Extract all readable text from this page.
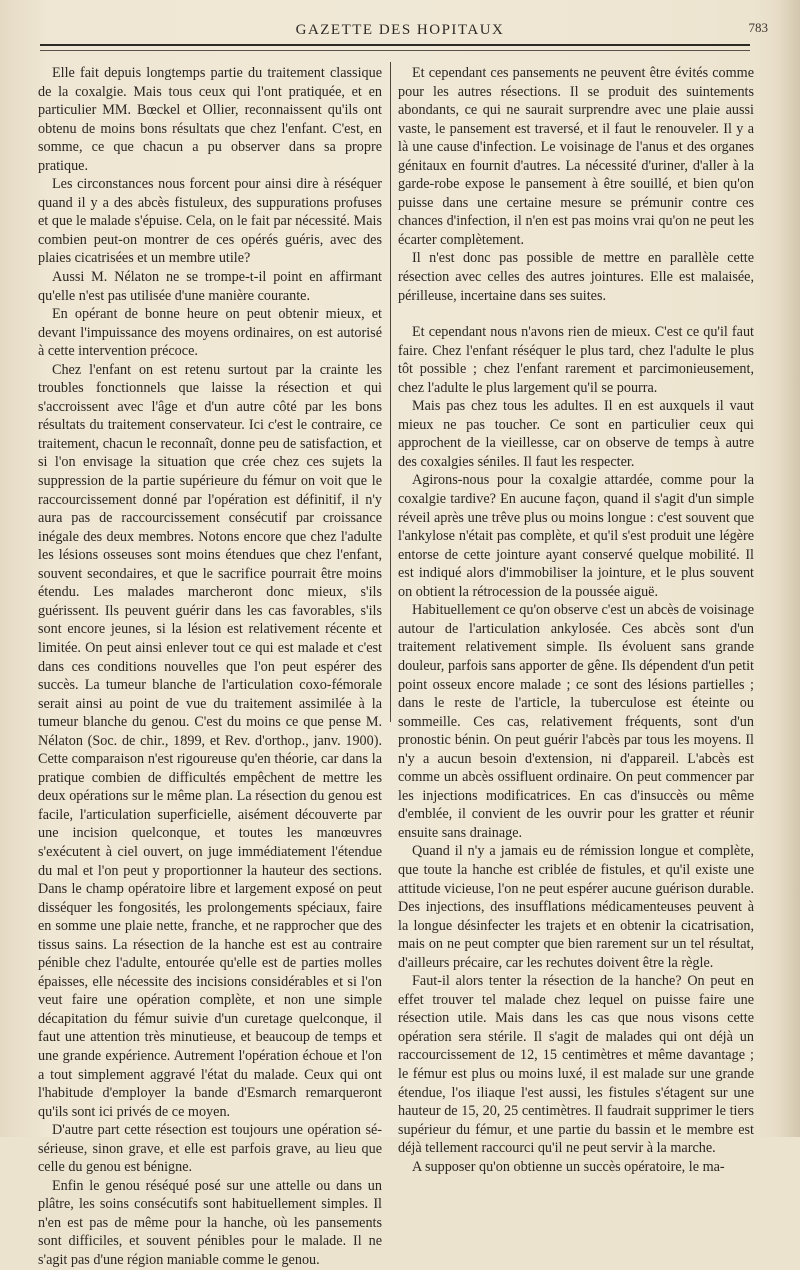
GAZETTE DES HOPITAUX	783

Elle fait depuis longtemps partie du traitement classique de la coxalgie. Mais tous ceux qui l'ont pratiquée, et en particulier MM. Bœckel et Ollier, reconnaissent qu'ils ont obtenu de moins bons résultats que chez l'enfant. C'est, en somme, ce que chacun a pu observer dans sa propre pratique.

Les circonstances nous forcent pour ainsi dire à réséquer quand il y a des abcès fistuleux, des suppurations profuses et que le malade s'épuise. Cela, on le fait par nécessité. Mais combien peut-on montrer de ces opérés guéris, avec des plaies cicatrisées et un membre utile?

Aussi M. Nélaton ne se trompe-t-il point en affirmant qu'elle n'est pas utilisée d'une manière courante.

En opérant de bonne heure on peut obtenir mieux, et devant l'impuissance des moyens ordinaires, on est autorisé à cette intervention précoce.

Chez l'enfant on est retenu surtout par la crainte les troubles fonctionnels que laisse la résection et qui s'accroissent avec l'âge et d'un autre côté par les bons résultats du traitement conservateur. Ici c'est le contraire, ce traitement, chacun le reconnaît, donne peu de satisfaction, et si l'on envisage la situation que crée chez ces sujets la suppression de la partie supérieure du fémur on voit que le raccourcissement donné par l'opération est définitif, il n'y aura pas de raccourcissement consécutif par croissance inégale des deux membres. Notons encore que chez l'adulte les lésions osseuses sont moins étendues que chez l'enfant, souvent secondaires, et que le sacrifice pourrait être moins étendu. Les malades marcheront donc mieux, s'ils guérissent. Ils peuvent guérir dans les cas favorables, s'ils sont encore jeunes, si la lésion est relativement récente et limitée. On peut ainsi enlever tout ce qui est malade et c'est dans ces conditions nouvelles que l'on peut espérer des succès. La tumeur blanche de l'articulation coxo-fémorale serait ainsi au point de vue du traitement assimilée à la tumeur blanche du genou. C'est du moins ce que pense M. Nélaton (Soc. de chir., 1899, et Rev. d'orthop., janv. 1900). Cette comparaison n'est rigoureuse qu'en théorie, car dans la pratique combien de difficultés empêchent de mettre les deux opérations sur le même plan. La résection du genou est facile, l'articulation superficielle, aisément découverte par une incision quelconque, et toutes les manœuvres s'exécutent à ciel ouvert, on juge immédiatement l'étendue du mal et l'on peut y proportionner la hauteur des sections. Dans le champ opératoire libre et largement exposé on peut disséquer les fongosités, les prolongements spéciaux, faire en somme une plaie nette, franche, et ne rapprocher que des tissus sains. La résection de la hanche est est au contraire pénible chez l'adulte, entourée qu'elle est de parties molles épaisses, elle nécessite des incisions considérables et si l'on veut faire une opération complète, et non une simple décapitation du fémur suivie d'un curetage quelconque, il faut une attention très minutieuse, et beaucoup de temps et une grande expérience. Autrement l'opération échoue et l'on a tout simplement aggravé l'état du malade. Ceux qui ont l'habitude d'employer la bande d'Esmarch remarqueront qu'ils sont ici privés de ce moyen.

D'autre part cette résection est toujours une opération sé-sérieuse, sinon grave, et elle est parfois grave, au lieu que celle du genou est bénigne.

Enfin le genou réséqué posé sur une attelle ou dans un plâtre, les soins consécutifs sont habituellement simples. Il n'en est pas de même pour la hanche, où les pansements sont difficiles, et souvent pénibles pour le malade. Il ne s'agit pas d'une région maniable comme le genou.

Et cependant ces pansements ne peuvent être évités comme pour les autres résections. Il se produit des suintements abondants, ce qui ne saurait surprendre avec une plaie aussi vaste, le pansement est traversé, et il faut le renouveler. Il y a là une cause d'infection. Le voisinage de l'anus et des organes génitaux en fournit d'autres. La nécessité d'uriner, d'aller à la garde-robe expose le pansement à être souillé, et bien qu'on puisse dans une certaine mesure se prémunir contre ces chances d'infection, il n'en est pas moins vrai qu'on ne peut les écarter complètement.

Il n'est donc pas possible de mettre en parallèle cette résection avec celles des autres jointures. Elle est malaisée, périlleuse, incertaine dans ses suites.

Et cependant nous n'avons rien de mieux. C'est ce qu'il faut faire. Chez l'enfant réséquer le plus tard, chez l'adulte le plus tôt possible ; chez l'enfant rarement et parcimonieusement, chez l'adulte le plus largement qu'il se pourra.

Mais pas chez tous les adultes. Il en est auxquels il vaut mieux ne pas toucher. Ce sont en particulier ceux qui approchent de la vieillesse, car on observe de temps à autre des coxalgies séniles. Il faut les respecter.

Agirons-nous pour la coxalgie attardée, comme pour la coxalgie tardive? En aucune façon, quand il s'agit d'un simple réveil après une trêve plus ou moins longue : c'est souvent que l'ankylose n'était pas complète, et qu'il s'est produit une légère entorse de cette jointure ayant conservé quelque mobilité. Il est indiqué alors d'immobiliser la jointure, et le plus souvent on obtient la rétrocession de la poussée aiguë.

Habituellement ce qu'on observe c'est un abcès de voisinage autour de l'articulation ankylosée. Ces abcès sont d'un traitement relativement simple. Ils évoluent sans grande douleur, parfois sans apporter de gêne. Ils dépendent d'un petit point osseux encore malade ; ce sont des lésions partielles ; dans le reste de l'article, la tuberculose est éteinte ou sommeille. Ces cas, relativement fréquents, sont d'un pronostic bénin. On peut guérir l'abcès par tous les moyens. Il n'y a aucun besoin d'extension, ni d'appareil. L'abcès est comme un abcès ossifluent ordinaire. On peut commencer par les injections modificatrices. En cas d'insuccès ou même d'emblée, il convient de les ouvrir pour les gratter et réunir ensuite sans drainage.

Quand il n'y a jamais eu de rémission longue et complète, que toute la hanche est criblée de fistules, et qu'il existe une attitude vicieuse, l'on ne peut espérer aucune guérison durable. Des injections, des insufflations médicamenteuses peuvent à la longue désinfecter les trajets et en obtenir la cicatrisation, mais on ne peut compter que bien rarement sur un tel résultat, d'ailleurs précaire, car les rechutes doivent être la règle.

Faut-il alors tenter la résection de la hanche? On peut en effet trouver tel malade chez lequel on puisse faire une résection utile. Mais dans les cas que nous visons cette opération sera stérile. Il s'agit de malades qui ont déjà un raccourcissement de 12, 15 centimètres et même davantage ; le fémur est plus ou moins luxé, il est malade sur une grande étendue, l'os iliaque l'est aussi, les fistules s'étagent sur une hauteur de 15, 20, 25 centimètres. Il faudrait supprimer le tiers supérieur du fémur, et une partie du bassin et le membre est déjà tellement raccourci qu'il ne peut servir à la marche.

A supposer qu'on obtienne un succès opératoire, le ma-
